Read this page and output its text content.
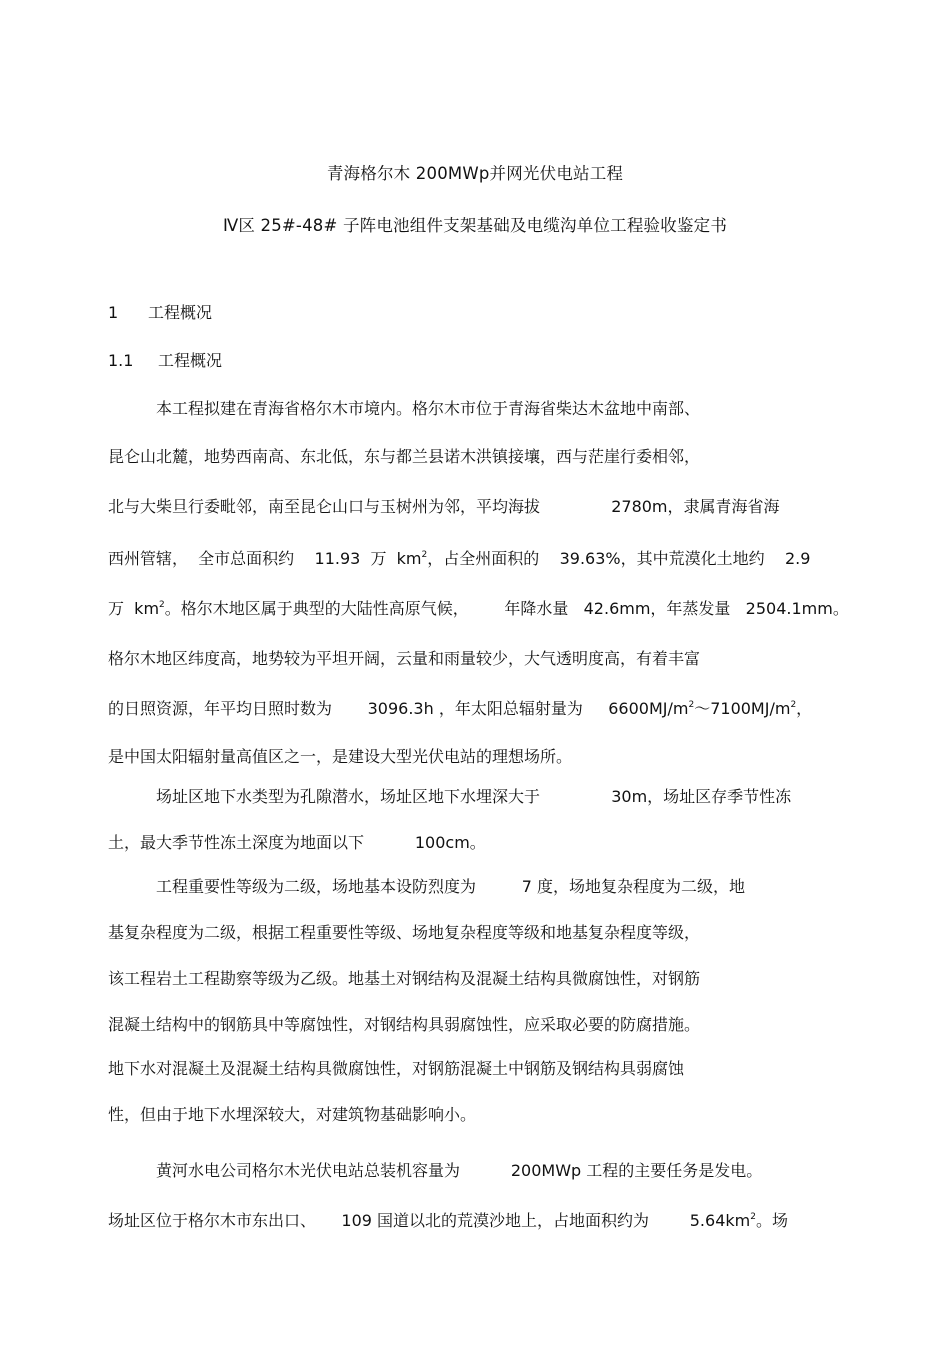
青海格尔木 200MWp并网光伏电站工程
Ⅳ区 25#-48# 子阵电池组件支架基础及电缆沟单位工程验收鉴定书
1 工程概况
1.1 工程概况
本工程拟建在青海省格尔木市境内。格尔木市位于青海省柴达木盆地中南部、
昆仑山北麓，地势西南高、东北低，东与都兰县诺木洪镇接壤，西与茫崖行委相邻，
北与大柴旦行委毗邻，南至昆仑山口与玉树州为邻，平均海拔              2780m，隶属青海省海
西州管辖，  全市总面积约    11.93  万  $km^2$，占全州面积的    39.63%，其中荒漠化土地约    2.9
万  $km^2$。格尔木地区属于典型的大陆性高原气候，       年降水量   42.6mm，年蒸发量   2504.1mm。
格尔木地区纬度高，地势较为平坦开阔，云量和雨量较少，大气透明度高，有着丰富
的日照资源，年平均日照时数为       3096.3h ，年太阳总辐射量为     $6600MJ/m^2\sim 7100MJ/m^2$，
是中国太阳辐射量高值区之一，是建设大型光伏电站的理想场所。
场址区地下水类型为孔隙潜水，场址区地下水埋深大于              30m，场址区存季节性冻
土，最大季节性冻土深度为地面以下          100cm。
工程重要性等级为二级，场地基本设防烈度为         7 度，场地复杂程度为二级，地
基复杂程度为二级，根据工程重要性等级、场地复杂程度等级和地基复杂程度等级，
该工程岩土工程勘察等级为乙级。地基土对钢结构及混凝土结构具微腐蚀性，对钢筋
混凝土结构中的钢筋具中等腐蚀性，对钢结构具弱腐蚀性，应采取必要的防腐措施。
地下水对混凝土及混凝土结构具微腐蚀性，对钢筋混凝土中钢筋及钢结构具弱腐蚀
性，但由于地下水埋深较大，对建筑物基础影响小。
黄河水电公司格尔木光伏电站总装机容量为          200MWp 工程的主要任务是发电。
场址区位于格尔木市东出口、     109 国道以北的荒漠沙地上，占地面积约为        $5.64km^2$。场
